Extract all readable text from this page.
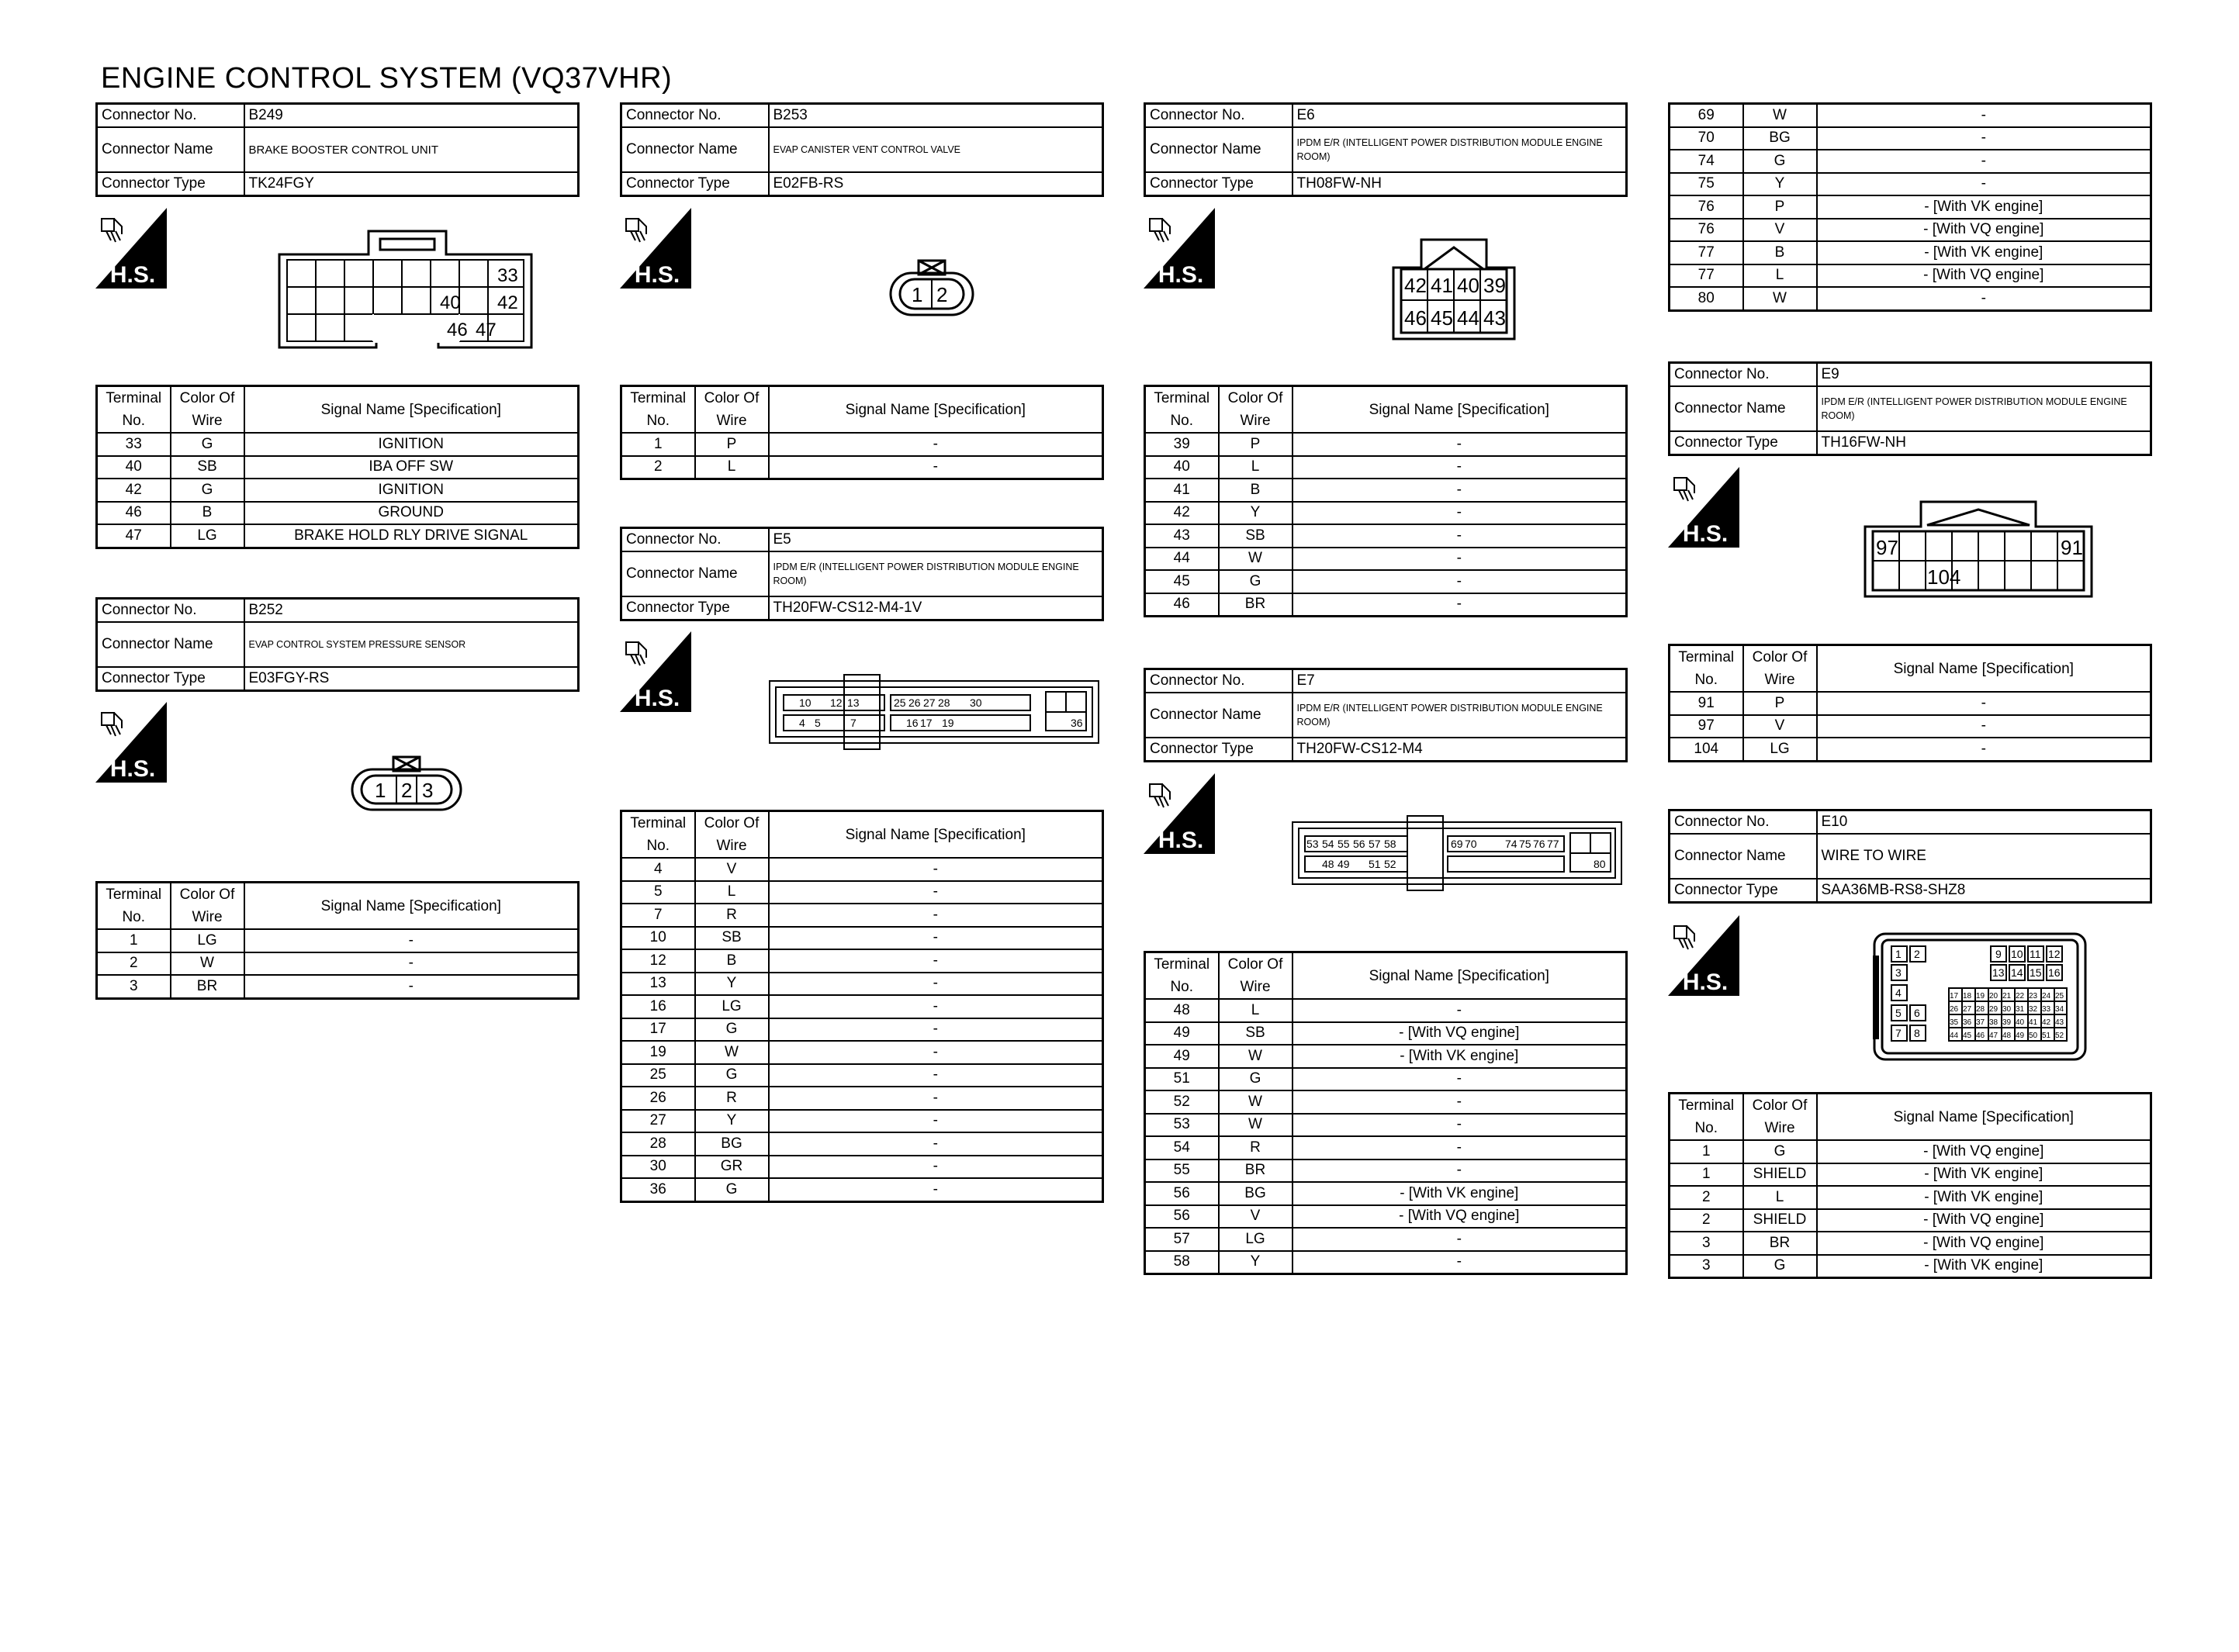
ENGINE CONTROL SYSTEM (VQ37VHR)
Connector No.	B249
Connector Name	BRAKE BOOSTER CONTROL UNIT
Connector Type	TK24FGY
H.S.	33
40 42
46 47
Terminal
No.	Color Of
Wire	Signal Name [Specification]
33	G	IGNITION
40	SB	IBA OFF SW
42	G	IGNITION
46	B	GROUND
47	LG	BRAKE HOLD RLY DRIVE SIGNAL
Connector No.	B252
Connector Name	EVAP CONTROL SYSTEM PRESSURE SENSOR
Connector Type	E03FGY-RS
H.S.
1 2 3
Terminal
No.	Color Of
Wire	Signal Name [Specification]
1	LG	-
2	W	-
3	BR	-
Connector No.	B253
Connector Name	EVAP CANISTER VENT CONTROL VALVE
Connector Type	E02FB-RS
H.S.
1 2
Terminal
No.	Color Of
Wire	Signal Name [Specification]
1	P	-
2	L	-
Connector No.	E5
Connector Name	IPDM E/R (INTELLIGENT POWER DISTRIBUTION MODULE ENGINE ROOM)
Connector Type	TH20FW-CS12-M4-1V
H.S.	10 12 13	25 26 27 28 30
4 5	7	16 17 19	36
Terminal
No.	Color Of
Wire	Signal Name [Specification]
4	V	-
5	L	-
7	R	-
10	SB	-
12	B	-
13	Y	-
16	LG	-
17	G	-
19	W	-
25	G	-
26	R	-
27	Y	-
28	BG	-
30	GR	-
36	G	-
Connector No.	E6
Connector Name	IPDM E/R (INTELLIGENT POWER DISTRIBUTION MODULE ENGINE ROOM)
Connector Type	TH08FW-NH
H.S.	42 41 40 39
46 45 44 43
Terminal
No.	Color Of
Wire	Signal Name [Specification]
39	P	-
40	L	-
41	B	-
42	Y	-
43	SB	-
44	W	-
45	G	-
46	BR	-
Connector No.	E7
Connector Name	IPDM E/R (INTELLIGENT POWER DISTRIBUTION MODULE ENGINE ROOM)
Connector Type	TH20FW-CS12-M4
H.S.	53 54 55 56 57 58	69 70	74 75 76 77
48 49 51 52	80
Terminal
No.	Color Of
Wire	Signal Name [Specification]
48	L	-
49	SB	- [With VQ engine]
49	W	- [With VK engine]
51	G	-
52	W	-
53	W	-
54	R	-
55	BR	-
56	BG	- [With VK engine]
56	V	- [With VQ engine]
57	LG	-
58	Y	-
69	W	-
70	BG	-
74	G	-
75	Y	-
76	P	- [With VK engine]
76	V	- [With VQ engine]
77	B	- [With VK engine]
77	L	- [With VQ engine]
80	W	-
Connector No.	E9
Connector Name	IPDM E/R (INTELLIGENT POWER DISTRIBUTION MODULE ENGINE ROOM)
Connector Type	TH16FW-NH
H.S.
97	91
104
Terminal
No.	Color Of
Wire	Signal Name [Specification]
91	P	-
97	V	-
104	LG	-
Connector No.	E10
Connector Name	WIRE TO WIRE
Connector Type	SAA36MB-RS8-SHZ8
H.S.
1 2
3
4
5 6
7 8
9 10 11 12
13 14 15 16
17 18 19 20 21 22 23 24 25
26 27 28 29 30 31 32 33 34
35 36 37 38 39 40 41 42 43
44 45 46 47 48 49 50 51 52
Terminal
No.	Color Of
Wire	Signal Name [Specification]
1	G	- [With VQ engine]
1	SHIELD	- [With VK engine]
2	L	- [With VK engine]
2	SHIELD	- [With VQ engine]
3	BR	- [With VQ engine]
3	G	- [With VK engine]
